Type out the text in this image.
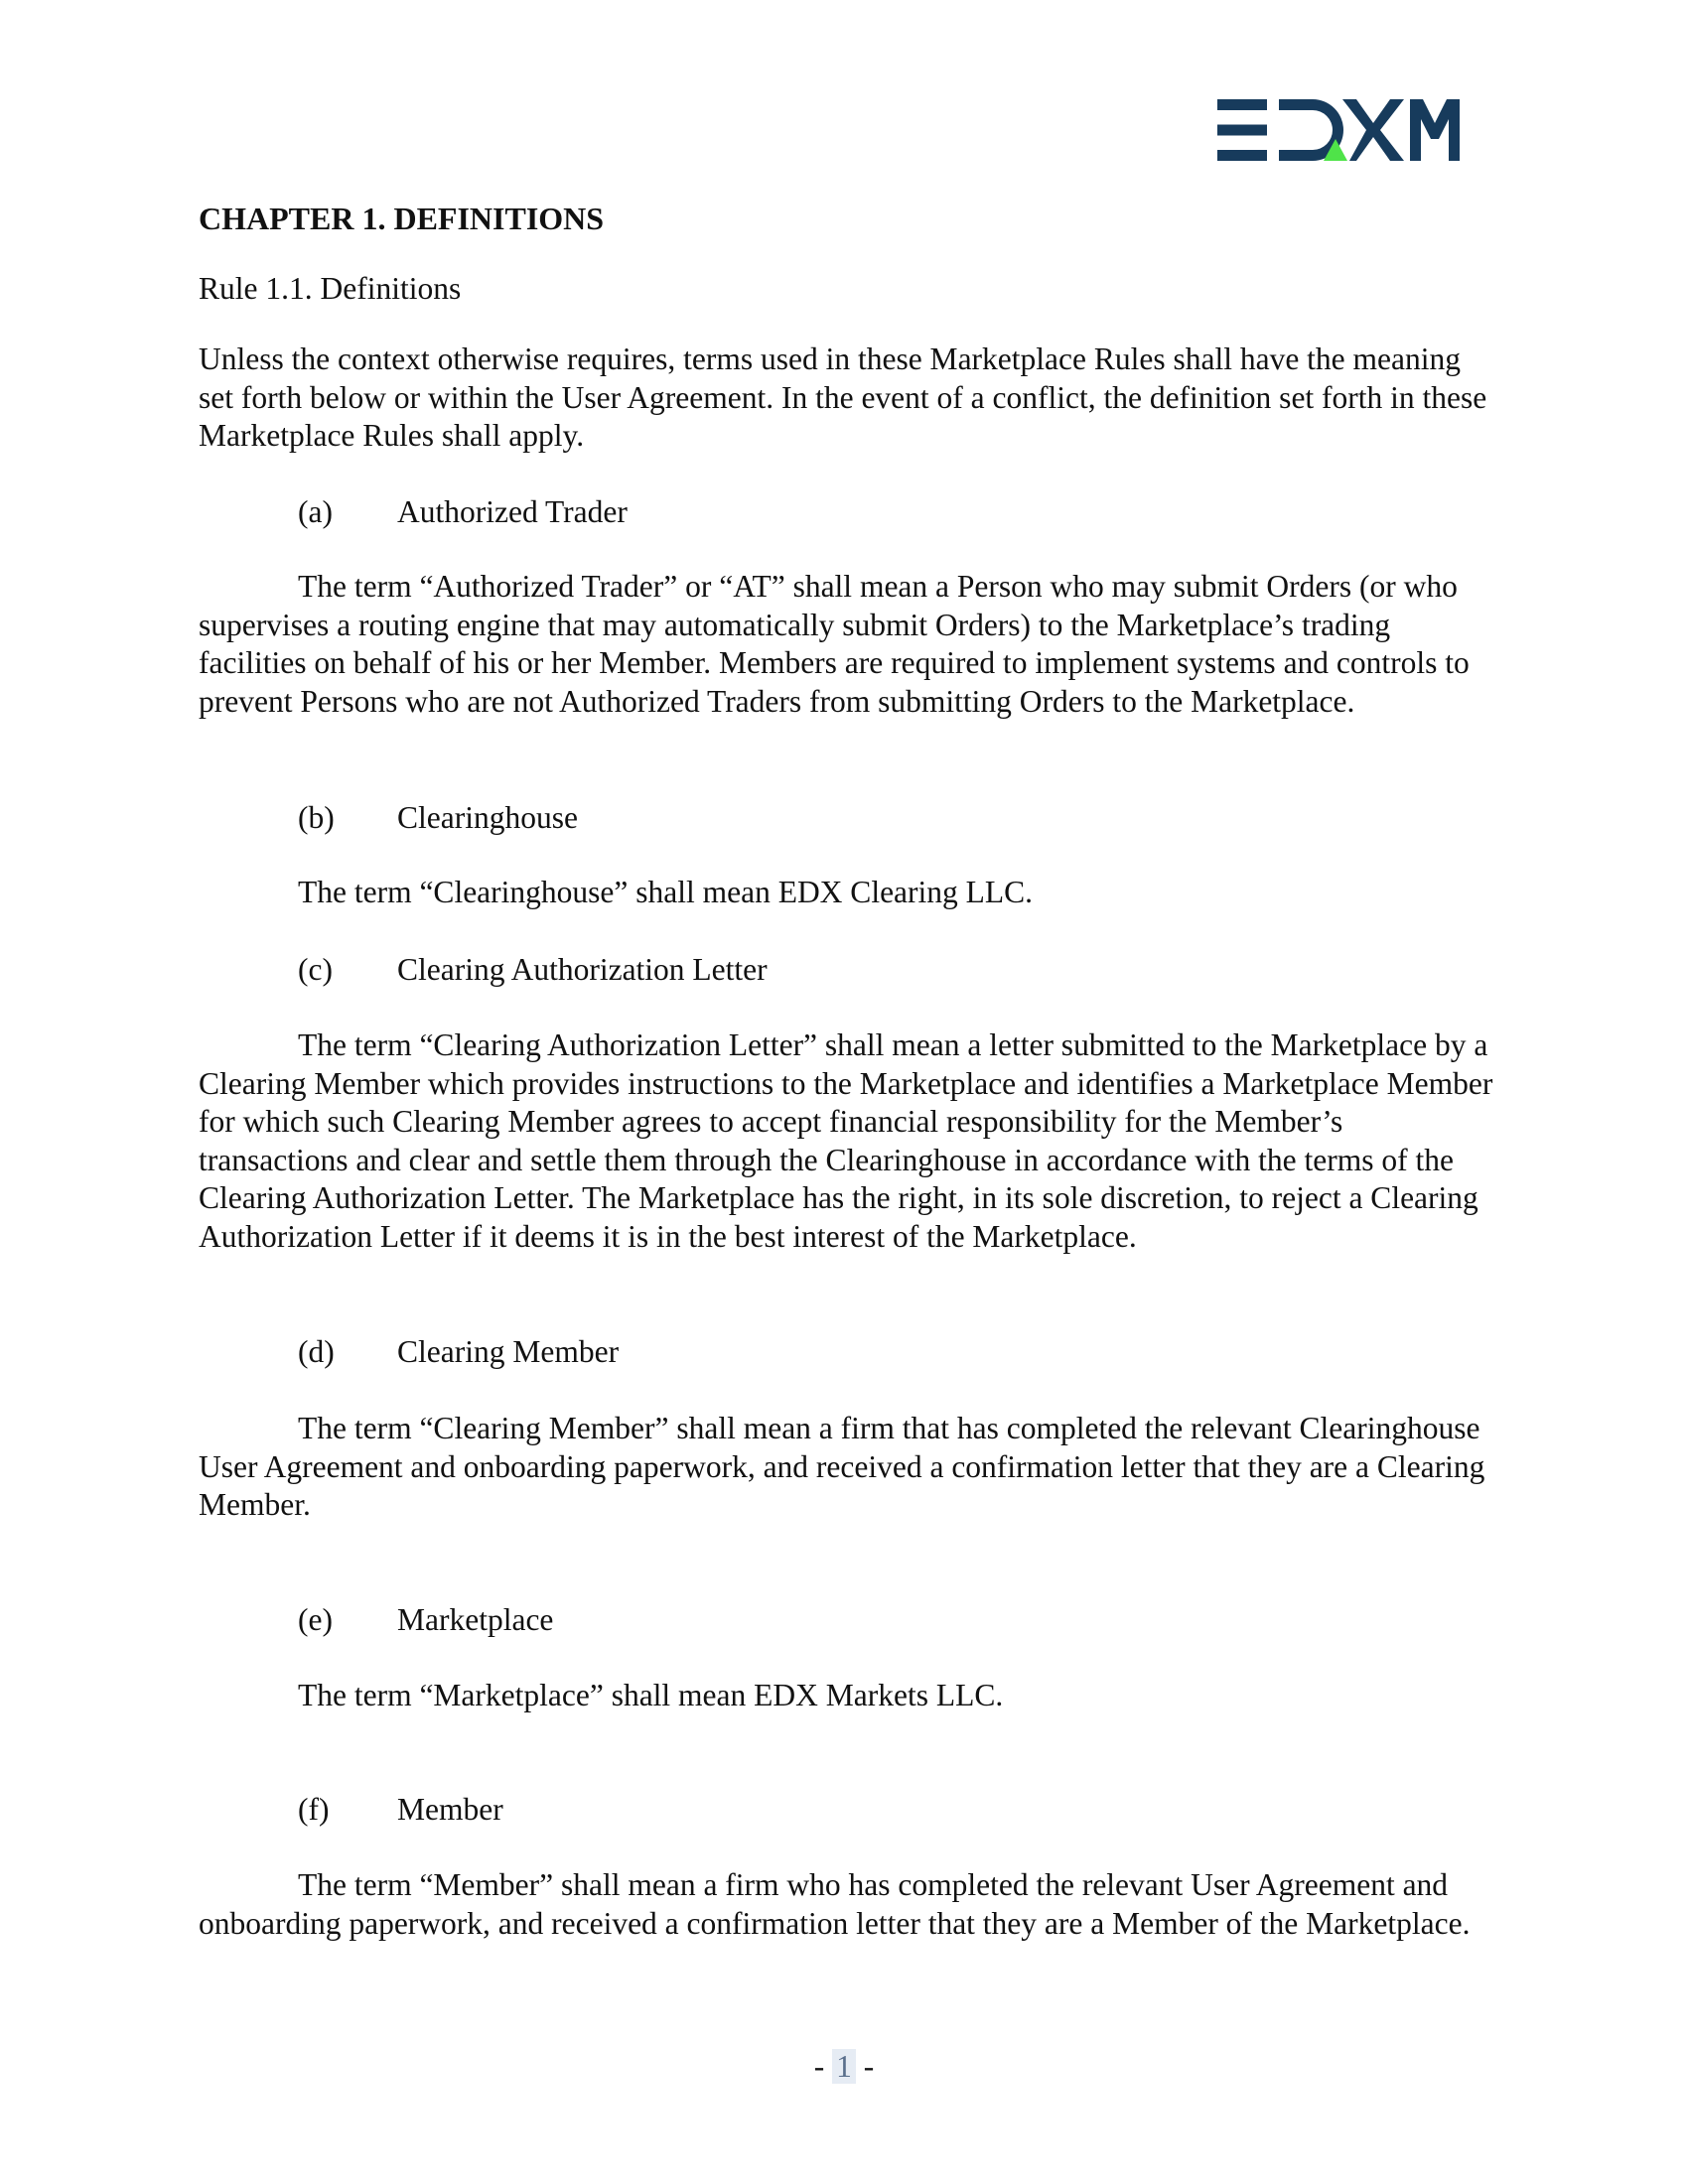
CHAPTER 1. DEFINITIONS

Rule 1.1. Definitions

Unless the context otherwise requires, terms used in these Marketplace Rules shall have the meaning set forth below or within the User Agreement. In the event of a conflict, the definition set forth in these Marketplace Rules shall apply.

(a) Authorized Trader

The term “Authorized Trader” or “AT” shall mean a Person who may submit Orders (or who supervises a routing engine that may automatically submit Orders) to the Marketplace’s trading facilities on behalf of his or her Member. Members are required to implement systems and controls to prevent Persons who are not Authorized Traders from submitting Orders to the Marketplace.

(b) Clearinghouse

The term “Clearinghouse” shall mean EDX Clearing LLC.

(c) Clearing Authorization Letter

The term “Clearing Authorization Letter” shall mean a letter submitted to the Marketplace by a Clearing Member which provides instructions to the Marketplace and identifies a Marketplace Member for which such Clearing Member agrees to accept financial responsibility for the Member’s transactions and clear and settle them through the Clearinghouse in accordance with the terms of the Clearing Authorization Letter. The Marketplace has the right, in its sole discretion, to reject a Clearing Authorization Letter if it deems it is in the best interest of the Marketplace.

(d) Clearing Member

The term “Clearing Member” shall mean a firm that has completed the relevant Clearinghouse User Agreement and onboarding paperwork, and received a confirmation letter that they are a Clearing Member.

(e) Marketplace

The term “Marketplace” shall mean EDX Markets LLC.

(f) Member

The term “Member” shall mean a firm who has completed the relevant User Agreement and onboarding paperwork, and received a confirmation letter that they are a Member of the Marketplace.

- 1 -
